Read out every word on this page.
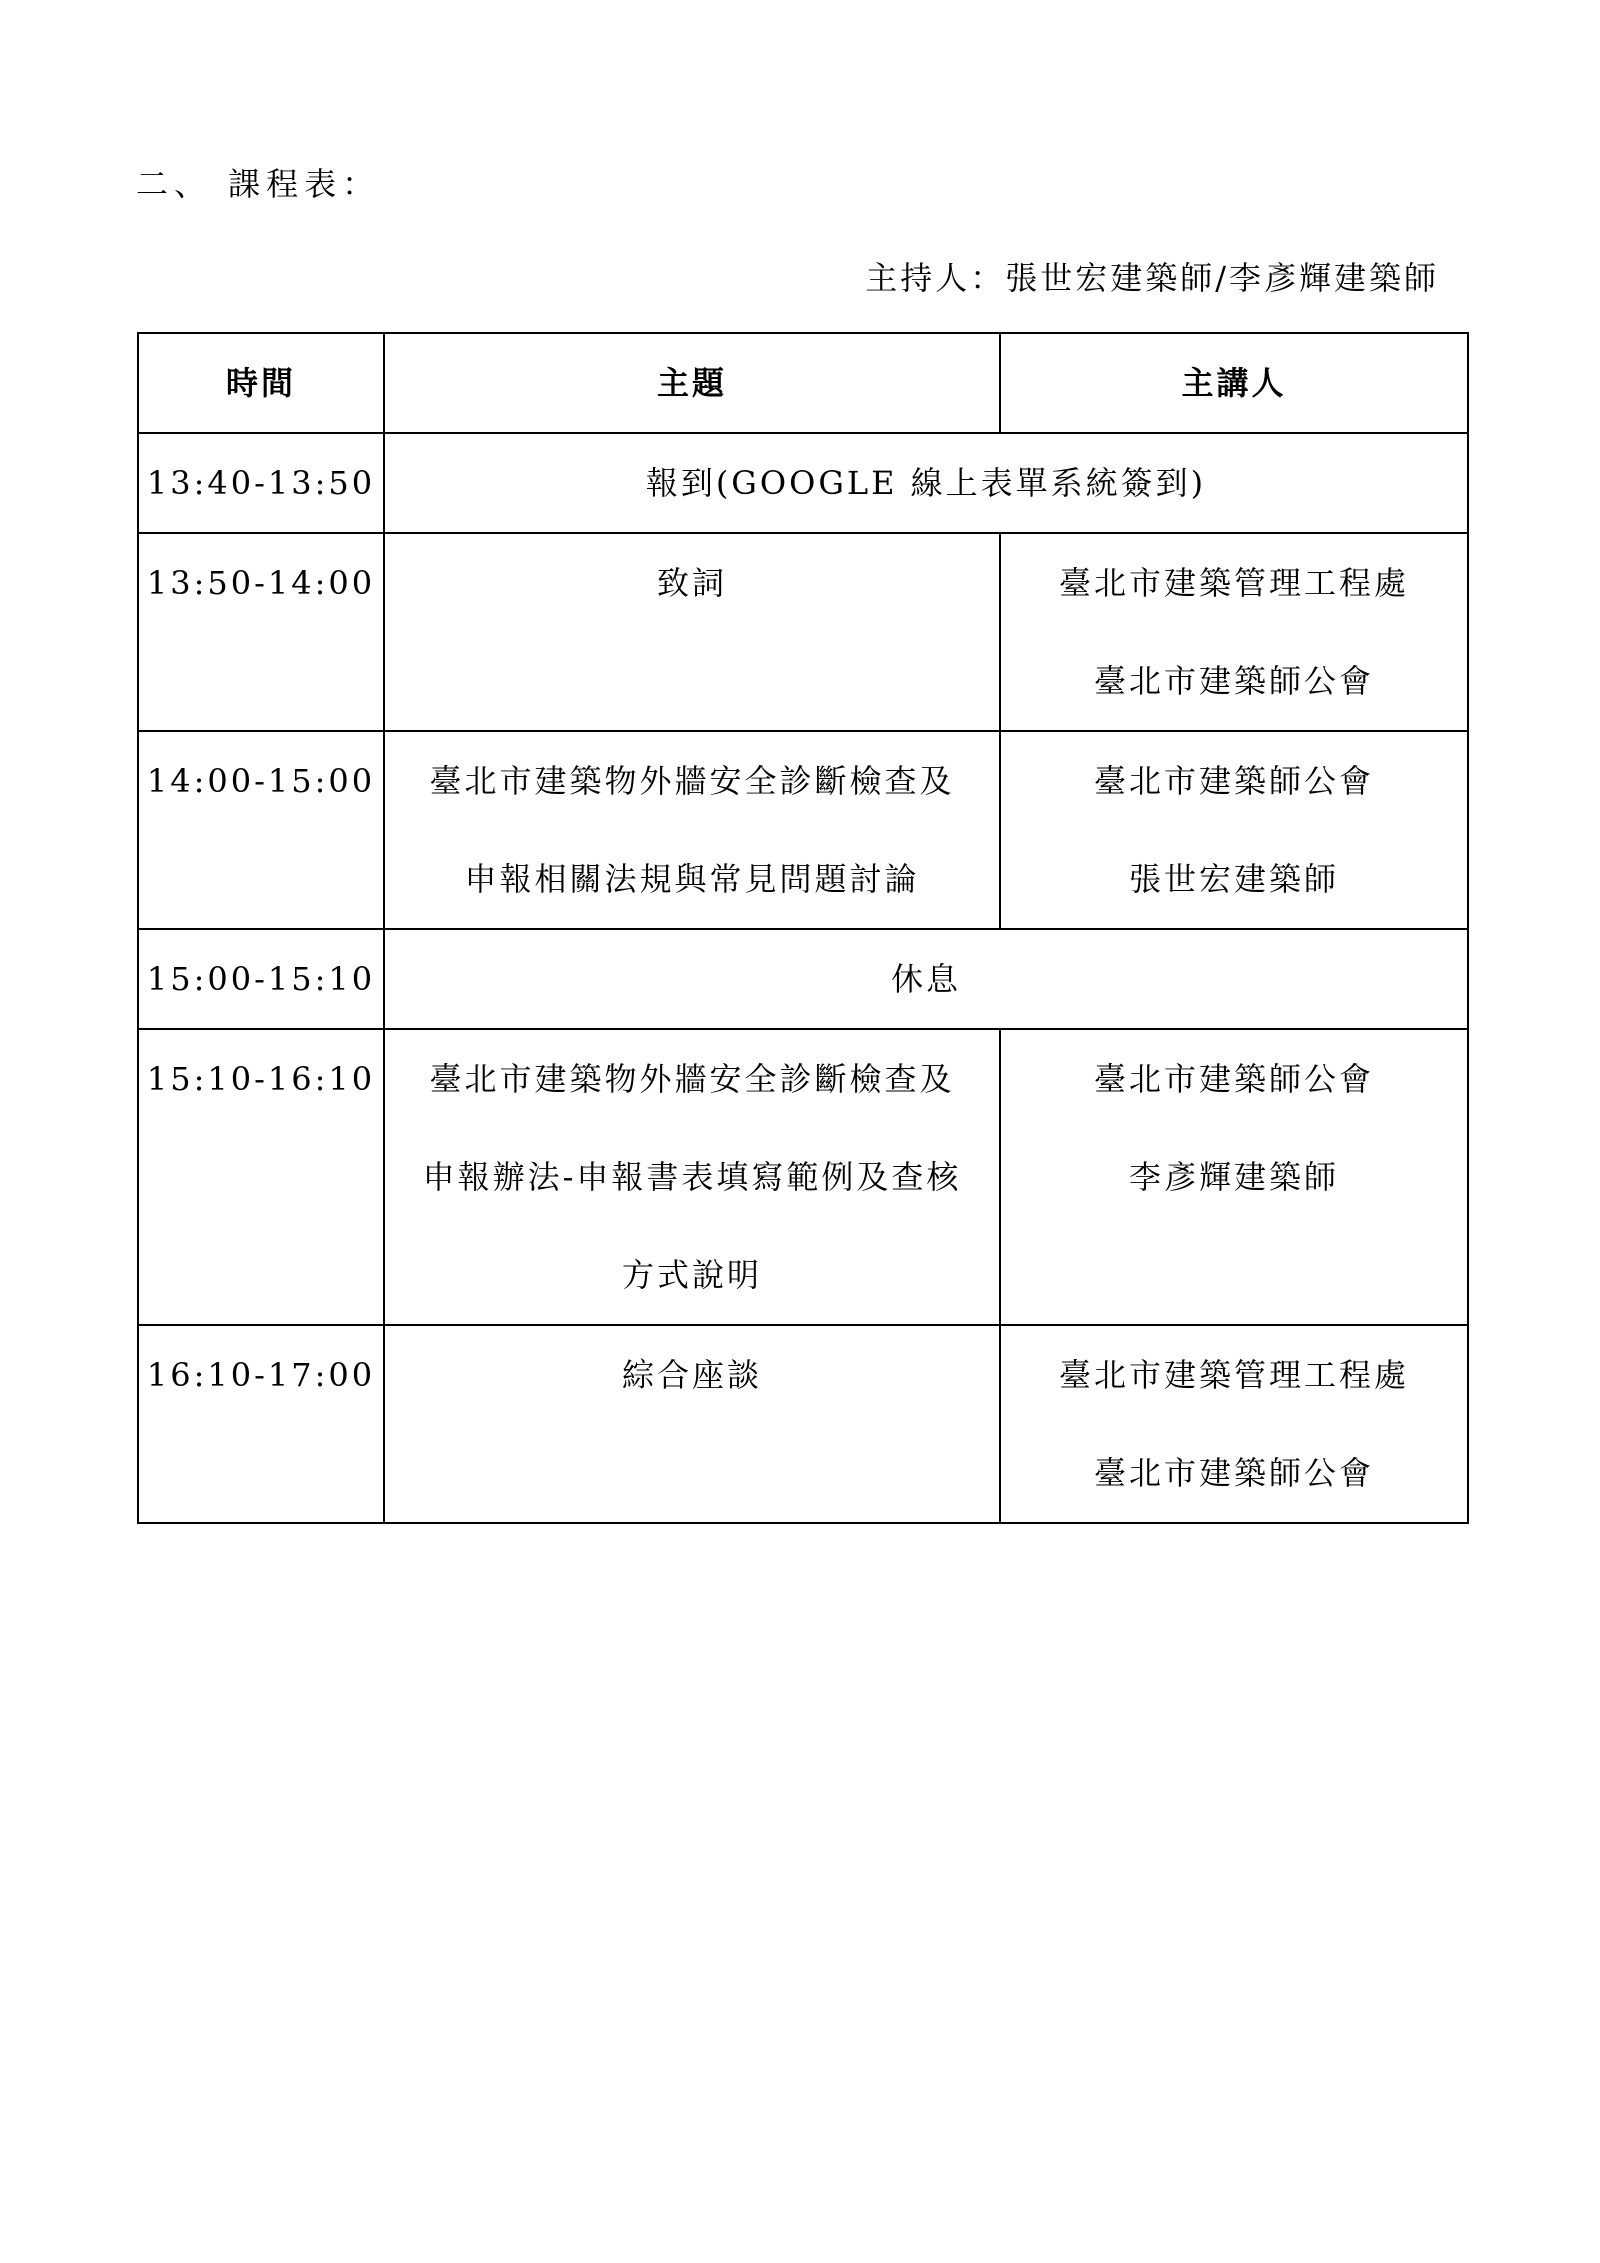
二、 課程表：
主持人：張世宏建築師/李彥輝建築師
時間	主題	主講人
13:40-13:50	報到(GOOGLE 線上表單系統簽到)	

13:50-14:00	致詞	臺北市建築管理工程處
臺北市建築師公會

14:00-15:00	臺北市建築物外牆安全診斷檢查及
申報相關法規與常見問題討論	臺北市建築師公會
張世宏建築師

15:00-15:10	休息	

15:10-16:10	臺北市建築物外牆安全診斷檢查及
申報辦法-申報書表填寫範例及查核
方式說明	臺北市建築師公會
李彥輝建築師

16:10-17:00	綜合座談	臺北市建築管理工程處
臺北市建築師公會
